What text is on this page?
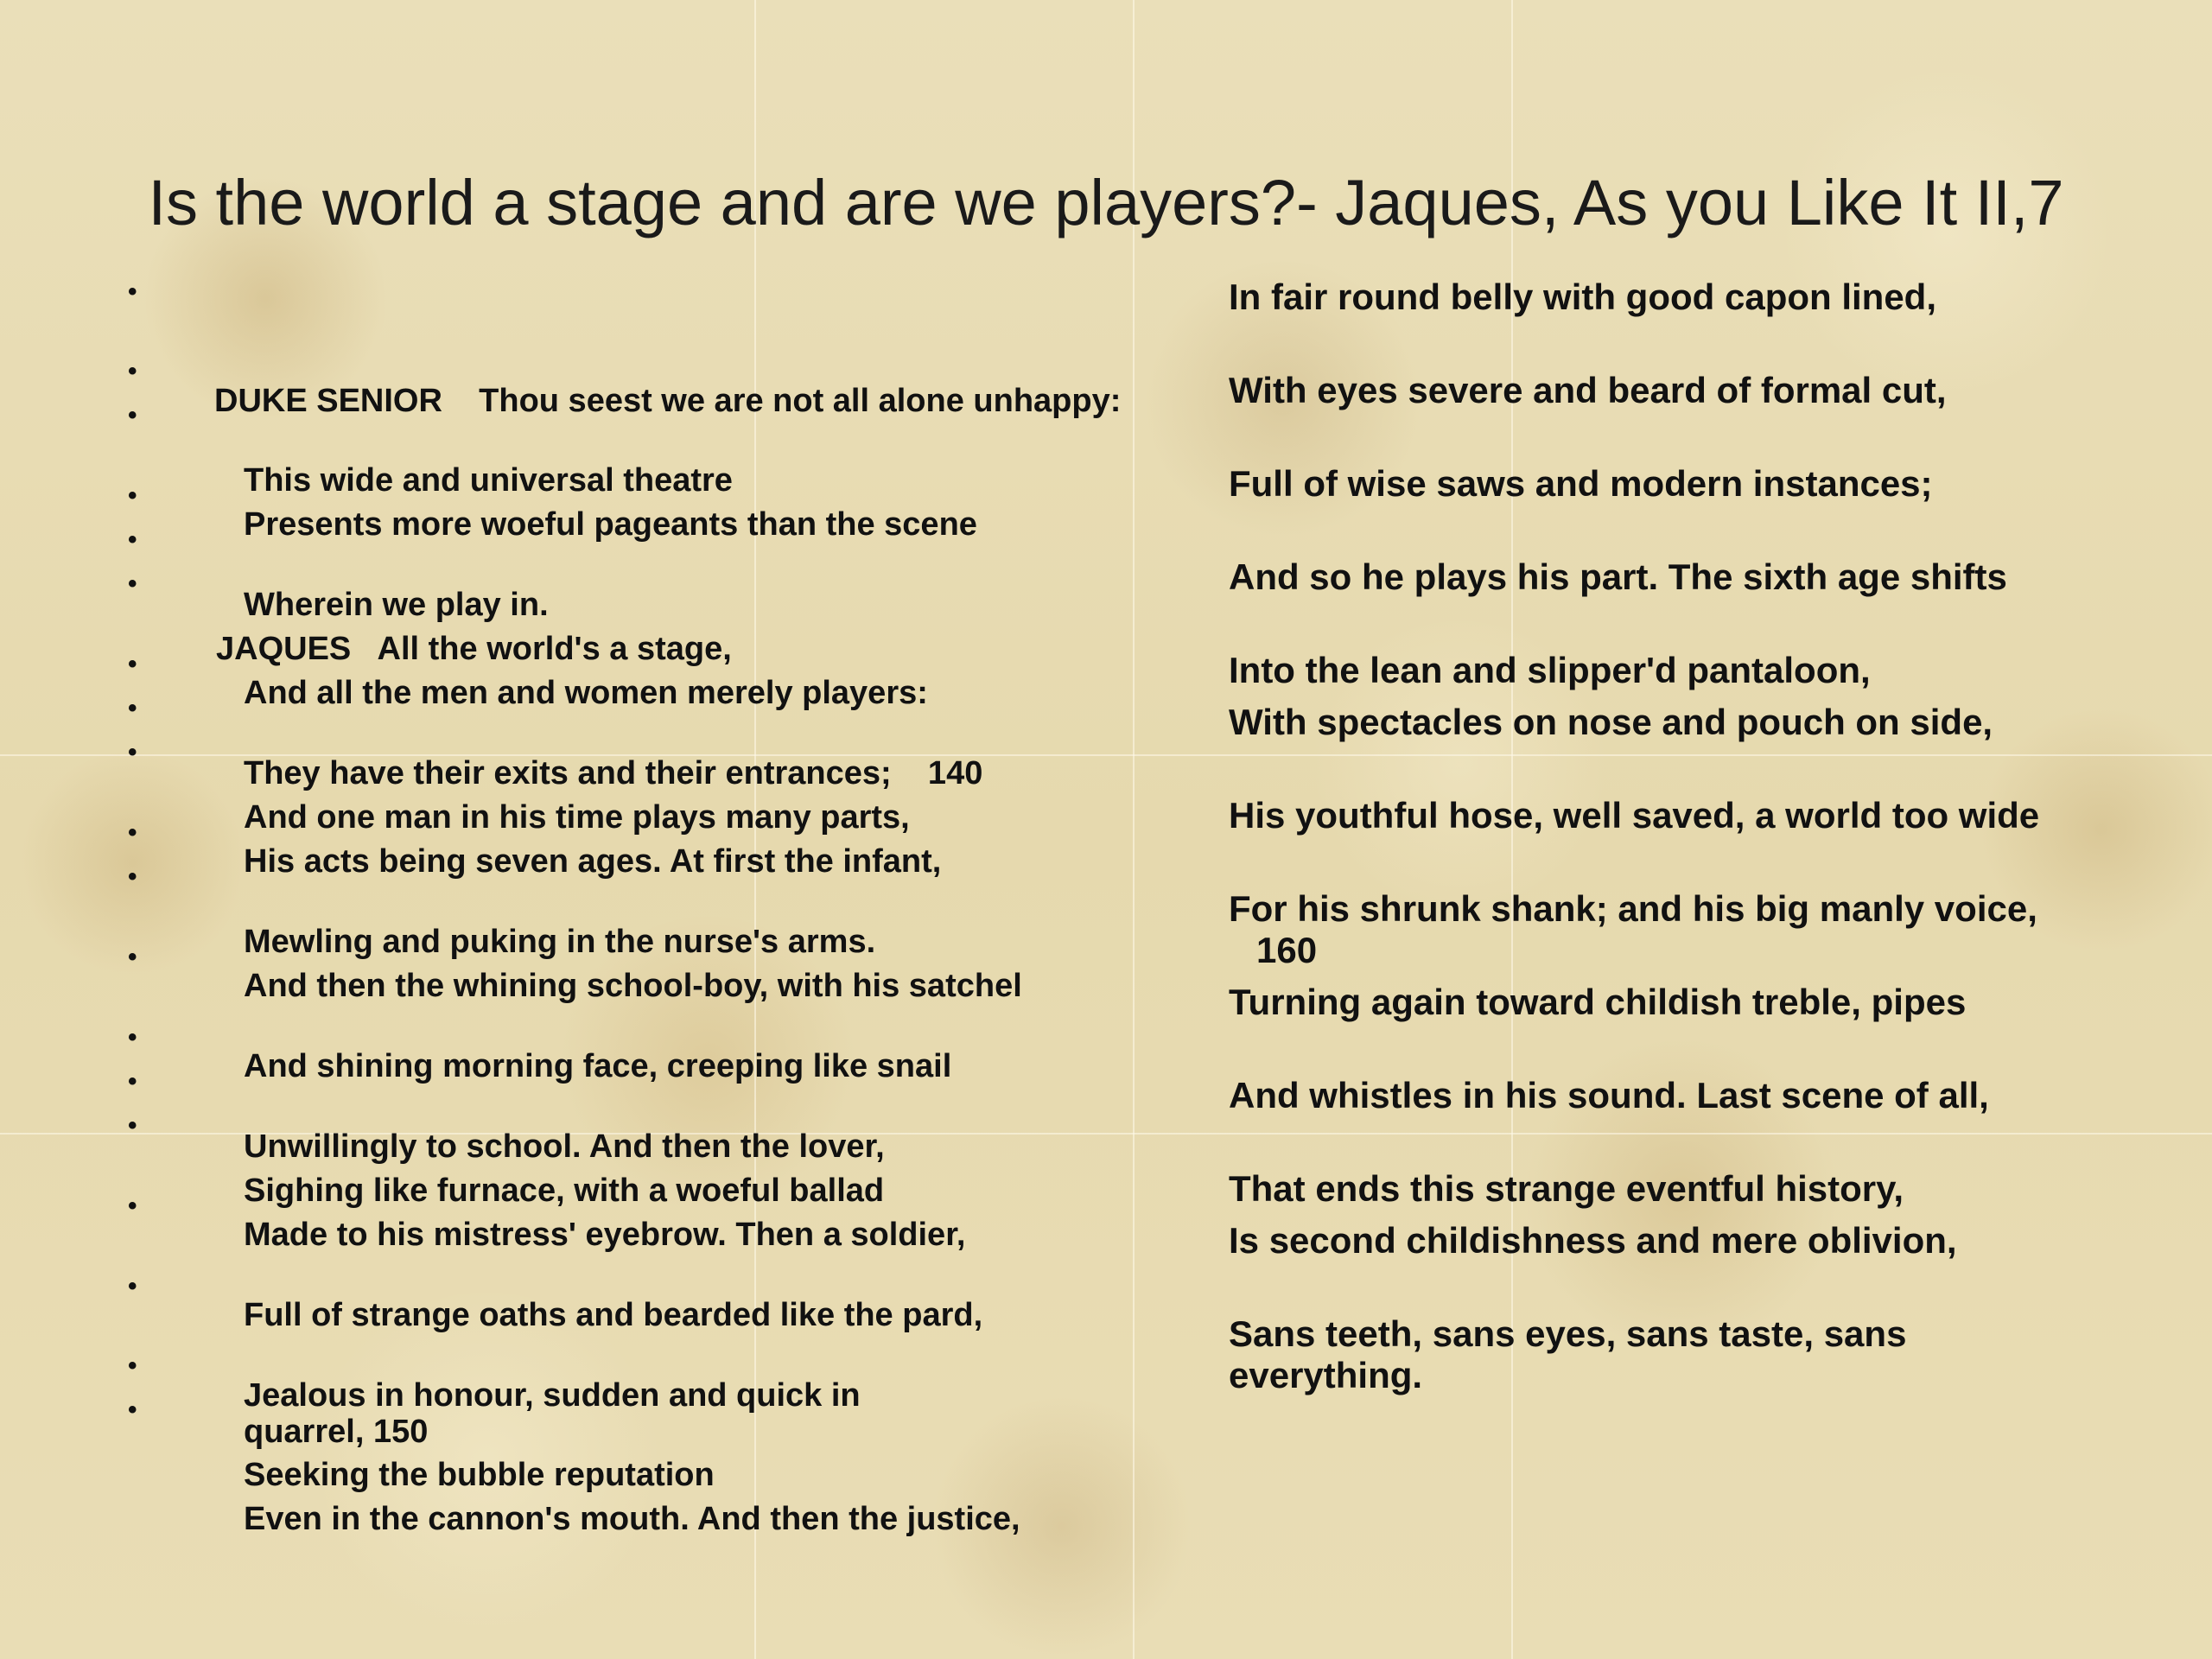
Is the world a stage and are we players?- Jaques, As you Like It II,7

•

DUKE SENIOR    Thou seest we are not all alone unhappy:

•

This wide and universal theatre

•

Presents more woeful pageants than the scene

•

Wherein we play in.

•

JAQUES   All the world's a stage,

•

And all the men and women merely players:

•

They have their exits and their entrances;    140

•

And one man in his time plays many parts,

•

His acts being seven ages. At first the infant,

•

Mewling and puking in the nurse's arms.

•

And then the whining school-boy, with his satchel

•

And shining morning face, creeping like snail

•

Unwillingly to school. And then the lover,

•

Sighing like furnace, with a woeful ballad

•

Made to his mistress' eyebrow. Then a soldier,

•

Full of strange oaths and bearded like the pard,

•

Jealous in honour, sudden and quick in quarrel, 150

•

Seeking the bubble reputation

•

Even in the cannon's mouth. And then the justice,

In fair round belly with good capon lined,
With eyes severe and beard of formal cut,
Full of wise saws and modern instances;
And so he plays his part. The sixth age shifts
Into the lean and slipper'd pantaloon,
With spectacles on nose and pouch on side,
His youthful hose, well saved, a world too wide
For his shrunk shank; and his big manly voice,
160
Turning again toward childish treble, pipes
And whistles in his sound. Last scene of all,
That ends this strange eventful history,
Is second childishness and mere oblivion,
Sans teeth, sans eyes, sans taste, sans
everything.
